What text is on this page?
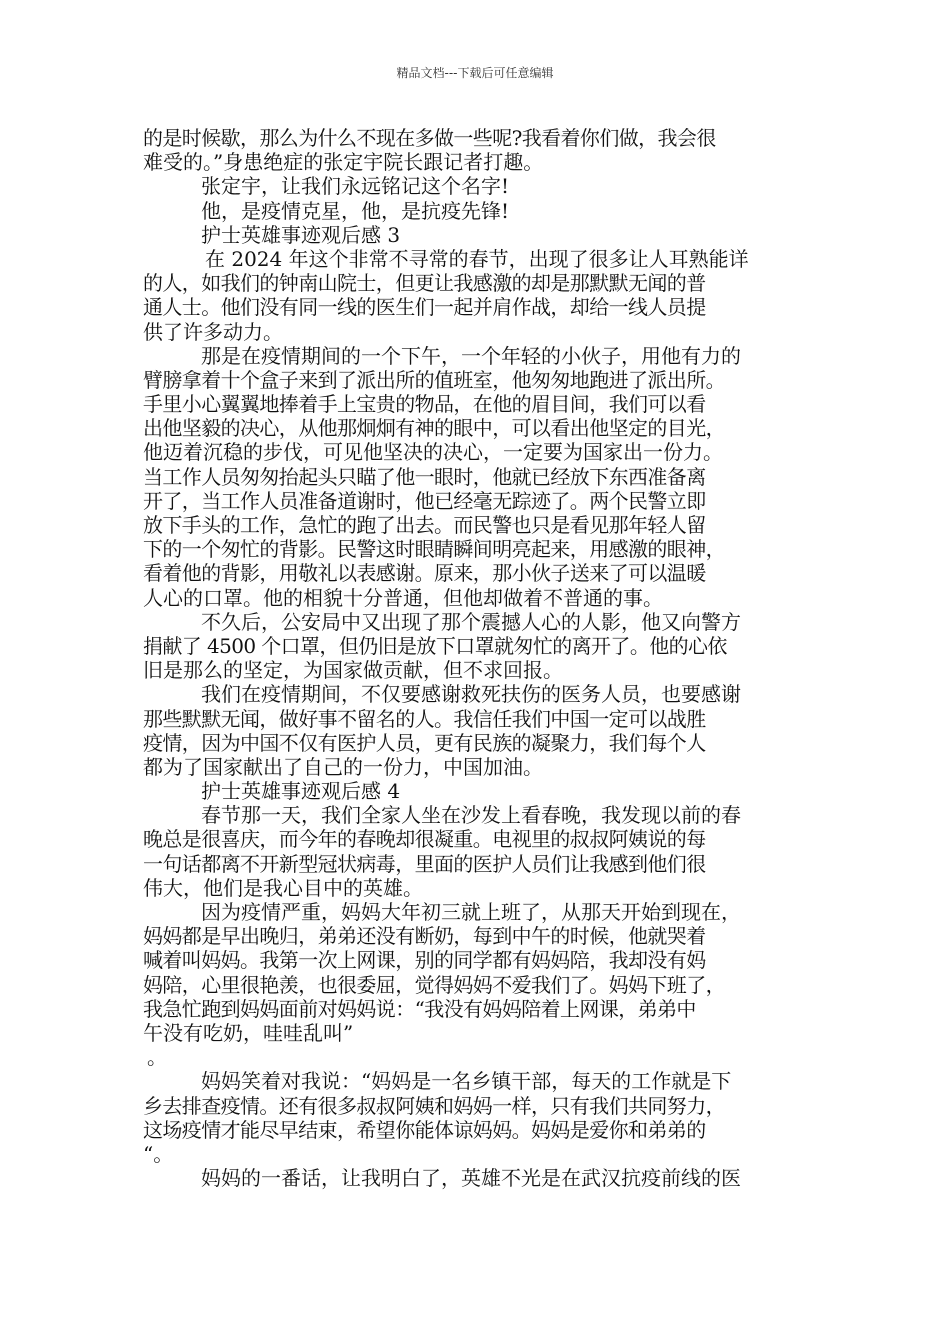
精品文档---下载后可任意编辑
的是时候歇，那么为什么不现在多做一些呢?我看着你们做，我会很
难受的。”身患绝症的张定宇院长跟记者打趣。
张定宇，让我们永远铭记这个名字!
他，是疫情克星，他，是抗疫先锋!
护士英雄事迹观后感 3
在 2024 年这个非常不寻常的春节，出现了很多让人耳熟能详
的人，如我们的钟南山院士，但更让我感激的却是那默默无闻的普
通人士。他们没有同一线的医生们一起并肩作战，却给一线人员提
供了许多动力。
那是在疫情期间的一个下午，一个年轻的小伙子，用他有力的
臂膀拿着十个盒子来到了派出所的值班室，他匆匆地跑进了派出所。
手里小心翼翼地捧着手上宝贵的物品，在他的眉目间，我们可以看
出他坚毅的决心，从他那炯炯有神的眼中，可以看出他坚定的目光，
他迈着沉稳的步伐，可见他坚决的决心，一定要为国家出一份力。
当工作人员匆匆抬起头只瞄了他一眼时，他就已经放下东西准备离
开了，当工作人员准备道谢时，他已经毫无踪迹了。两个民警立即
放下手头的工作，急忙的跑了出去。而民警也只是看见那年轻人留
下的一个匆忙的背影。民警这时眼睛瞬间明亮起来，用感激的眼神，
看着他的背影，用敬礼以表感谢。原来，那小伙子送来了可以温暖
人心的口罩。他的相貌十分普通，但他却做着不普通的事。
不久后，公安局中又出现了那个震撼人心的人影，他又向警方
捐献了 4500 个口罩，但仍旧是放下口罩就匆忙的离开了。他的心依
旧是那么的坚定，为国家做贡献，但不求回报。
我们在疫情期间，不仅要感谢救死扶伤的医务人员，也要感谢
那些默默无闻，做好事不留名的人。我信任我们中国一定可以战胜
疫情，因为中国不仅有医护人员，更有民族的凝聚力，我们每个人
都为了国家献出了自己的一份力，中国加油。
护士英雄事迹观后感 4
春节那一天，我们全家人坐在沙发上看春晚，我发现以前的春
晚总是很喜庆，而今年的春晚却很凝重。电视里的叔叔阿姨说的每
一句话都离不开新型冠状病毒，里面的医护人员们让我感到他们很
伟大，他们是我心目中的英雄。
因为疫情严重，妈妈大年初三就上班了，从那天开始到现在，
妈妈都是早出晚归，弟弟还没有断奶，每到中午的时候，他就哭着
喊着叫妈妈。我第一次上网课，别的同学都有妈妈陪，我却没有妈
妈陪，心里很艳羡，也很委屈，觉得妈妈不爱我们了。妈妈下班了，
我急忙跑到妈妈面前对妈妈说：“我没有妈妈陪着上网课，弟弟中
午没有吃奶，哇哇乱叫”
。
妈妈笑着对我说：“妈妈是一名乡镇干部，每天的工作就是下
乡去排查疫情。还有很多叔叔阿姨和妈妈一样，只有我们共同努力，
这场疫情才能尽早结束，希望你能体谅妈妈。妈妈是爱你和弟弟的
“。
妈妈的一番话，让我明白了，英雄不光是在武汉抗疫前线的医
